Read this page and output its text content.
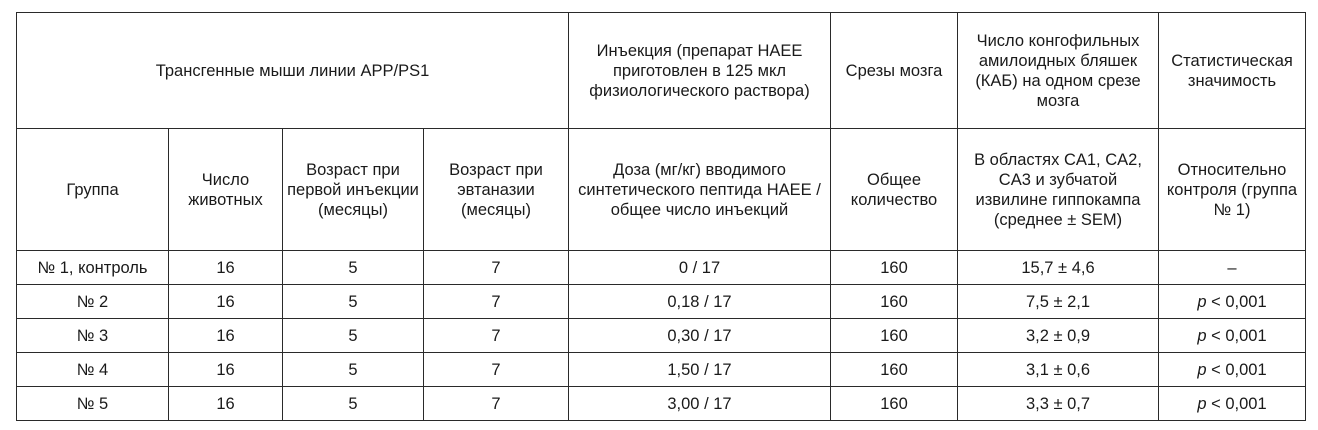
Трансгенные мыши линии APP/PS1				Инъекция (препарат HAEE приготовлен в 125 мкл физиологического раствора)	Срезы мозга	Число конгофильных амилоидных бляшек (КАБ) на одном срезе мозга	Статистическая значимость
Группа	Число животных	Возраст при первой инъекции (месяцы)	Возраст при эвтаназии (месяцы)	Доза (мг/кг) вводимого синтетического пептида HAEE / общее число инъекций	Общее количество	В областях CA1, CA2, CA3 и зубчатой извилине гиппокампа (среднее ± SEM)	Относительно контроля (группа № 1)
№ 1, контроль	16	5	7	0 / 17	160	15,7 ± 4,6	–
№ 2	16	5	7	0,18 / 17	160	7,5 ± 2,1	p < 0,001
№ 3	16	5	7	0,30 / 17	160	3,2 ± 0,9	p < 0,001
№ 4	16	5	7	1,50 / 17	160	3,1 ± 0,6	p < 0,001
№ 5	16	5	7	3,00 / 17	160	3,3 ± 0,7	p < 0,001
